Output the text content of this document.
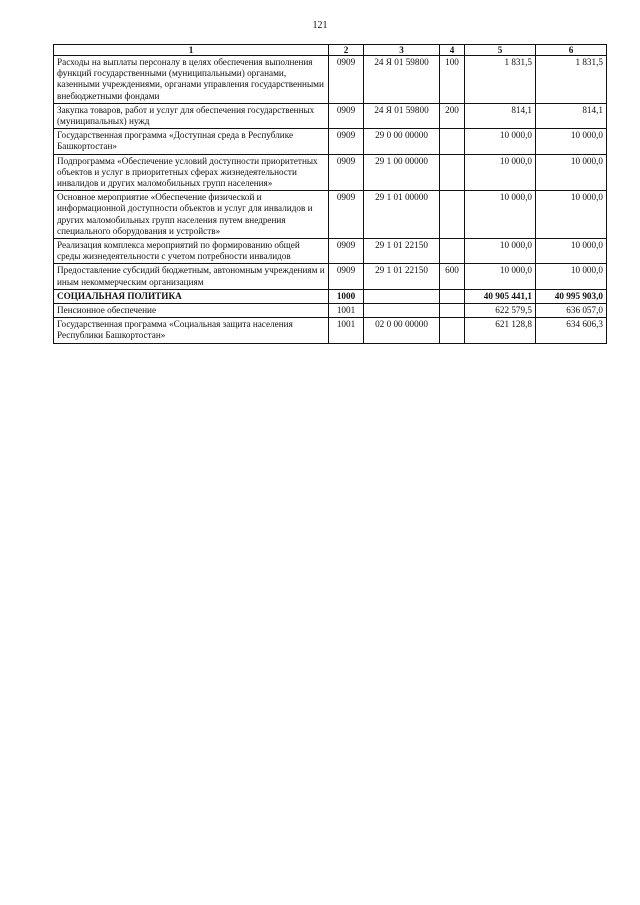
121
1	2	3	4	5	6
Расходы на выплаты персоналу в целях обеспечения выполнения функций государственными (муниципальными) органами, казенными учреждениями, органами управления государственными внебюджетными фондами	0909	24 Я 01 59800	100	1 831,5	1 831,5
Закупка товаров, работ и услуг для обеспечения государственных (муниципальных) нужд	0909	24 Я 01 59800	200	814,1	814,1
Государственная программа «Доступная среда в Республике Башкортостан»	0909	29 0 00 00000		10 000,0	10 000,0
Подпрограмма «Обеспечение условий доступности приоритетных объектов и услуг в приоритетных сферах жизнедеятельности инвалидов и других маломобильных групп населения»	0909	29 1 00 00000		10 000,0	10 000,0
Основное мероприятие «Обеспечение физической и информационной доступности объектов и услуг для инвалидов и других маломобильных групп населения путем внедрения специального оборудования и устройств»	0909	29 1 01 00000		10 000,0	10 000,0
Реализация комплекса мероприятий по формированию общей среды жизнедеятельности с учетом потребности инвалидов	0909	29 1 01 22150		10 000,0	10 000,0
Предоставление субсидий бюджетным, автономным учреждениям и иным некоммерческим организациям	0909	29 1 01 22150	600	10 000,0	10 000,0
СОЦИАЛЬНАЯ ПОЛИТИКА	1000			40 905 441,1	40 995 903,0
Пенсионное обеспечение	1001			622 579,5	636 057,0
Государственная программа «Социальная защита населения Республики Башкортостан»	1001	02 0 00 00000		621 128,8	634 606,3
